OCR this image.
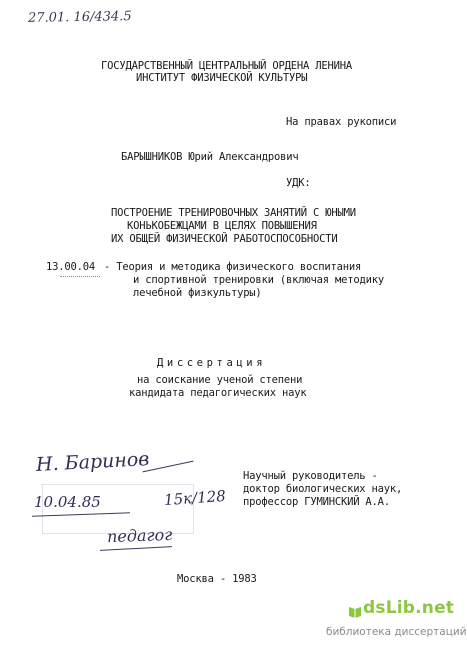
27.01. 16/434.5
ГОСУДАРСТВЕННЫЙ ЦЕНТРАЛЬНЫЙ ОРДЕНА ЛЕНИНА
ИНСТИТУТ ФИЗИЧЕСКОЙ КУЛЬТУРЫ
На правах рукописи
БАРЫШНИКОВ Юрий Александрович
УДК:
ПОСТРОЕНИЕ ТРЕНИРОВОЧНЫХ ЗАНЯТИЙ С ЮНЫМИ
КОНЬКОБЕЖЦАМИ В ЦЕЛЯХ ПОВЫШЕНИЯ
ИХ ОБЩЕЙ ФИЗИЧЕСКОЙ РАБОТОСПОСОБНОСТИ
13.00.04 - Теория и методика физического воспитания
и спортивной тренировки (включая методику
лечебной физкультуры)
Диссертация
на соискание ученой степени
кандидата педагогических наук
Н. Баринов
10.04.85	15к/128
педагог
Научный руководитель -
доктор биологических наук,
профессор ГУМИНСКИЙ А.А.
Москва - 1983
dsLib.net
библиотека диссертаций
